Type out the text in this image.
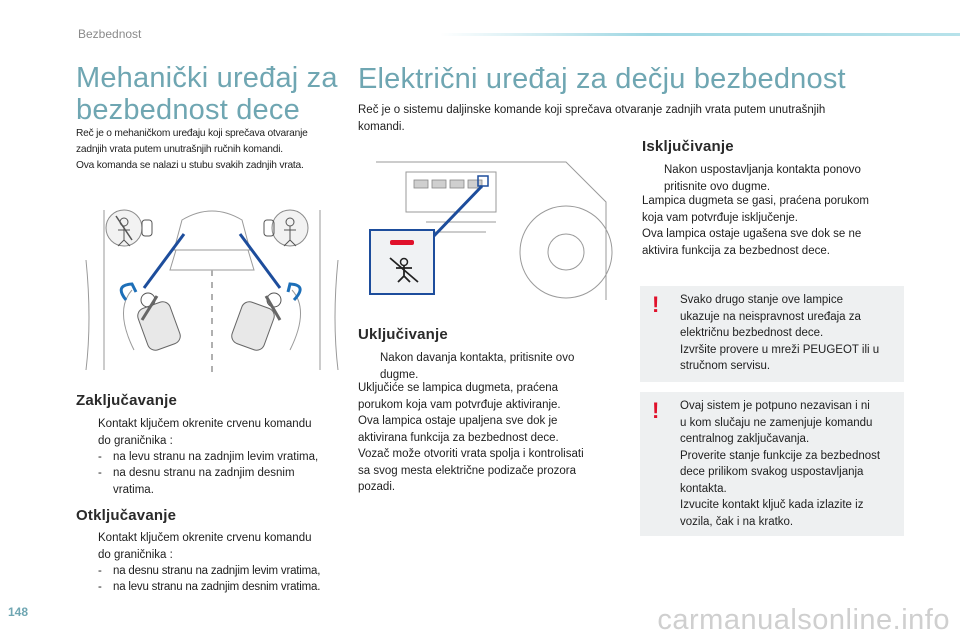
Bezbednost
Mehanički uređaj za bezbednost dece
Električni uređaj za dečju bezbednost
Reč je o mehaničkom uređaju koji sprečava otvaranje
zadnjih vrata putem unutrašnjih ručnih komandi.
Ova komanda se nalazi u stubu svakih zadnjih vrata.
Zaključavanje
Kontakt ključem okrenite crvenu komandu
do graničnika :
- na levu stranu na zadnjim levim vratima,
- na desnu stranu na zadnjim desnim
vratima.
Otključavanje
Kontakt ključem okrenite crvenu komandu
do graničnika :
- na desnu stranu na zadnjim levim vratima,
- na levu stranu na zadnjim desnim vratima.
Reč je o sistemu daljinske komande koji sprečava otvaranje zadnjih vrata putem unutrašnjih
komandi.
Uključivanje
Nakon davanja kontakta, pritisnite ovo
dugme.
Uključiće se lampica dugmeta, praćena
porukom koja vam potvrđuje aktiviranje.
Ova lampica ostaje upaljena sve dok je
aktivirana funkcija za bezbednost dece.
Vozač može otvoriti vrata spolja i kontrolisati
sa svog mesta električne podizače prozora
pozadi.
Isključivanje
Nakon uspostavljanja kontakta ponovo
pritisnite ovo dugme.
Lampica dugmeta se gasi, praćena porukom
koja vam potvrđuje isključenje.
Ova lampica ostaje ugašena sve dok se ne
aktivira funkcija za bezbednost dece.
! Svako drugo stanje ove lampice
ukazuje na neispravnost uređaja za
električnu bezbednost dece.
Izvršite provere u mreži PEUGEOT ili u
stručnom servisu.
! Ovaj sistem je potpuno nezavisan i ni
u kom slučaju ne zamenjuje komandu
centralnog zaključavanja.
Proverite stanje funkcije za bezbednost
dece prilikom svakog uspostavljanja
kontakta.
Izvucite kontakt ključ kada izlazite iz
vozila, čak i na kratko.
148	carmanualsonline.info
